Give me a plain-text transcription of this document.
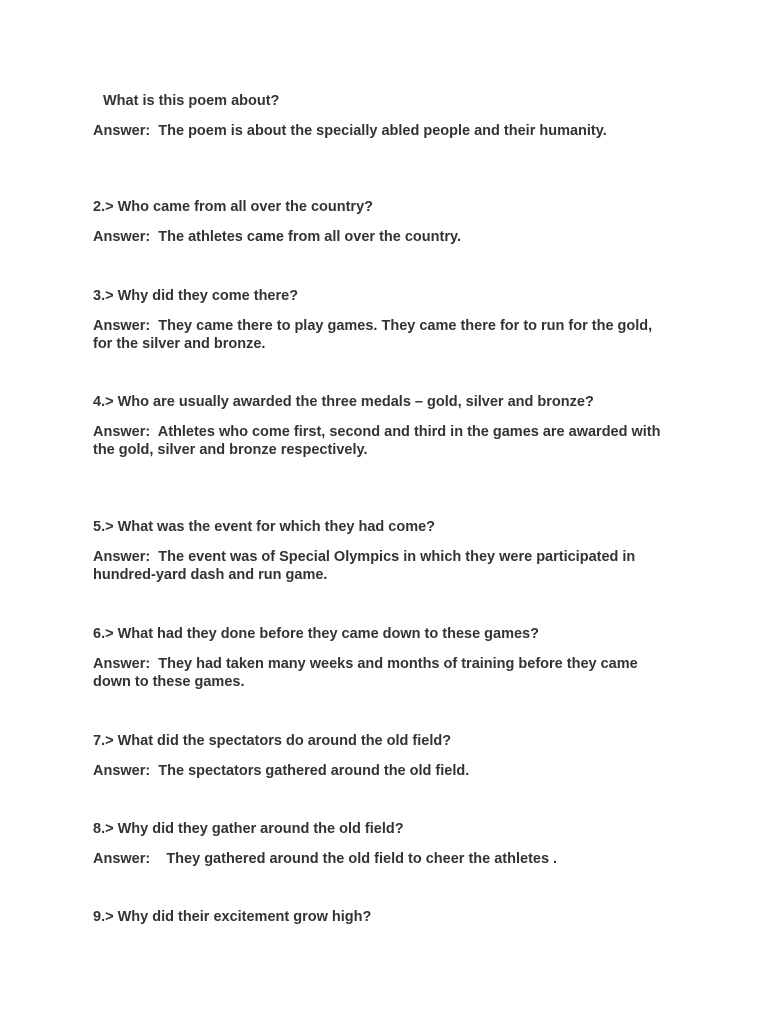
What is this poem about?

Answer:  The poem is about the specially abled people and their humanity.

2.> Who came from all over the country?

Answer:  The athletes came from all over the country.

3.> Why did they come there?

Answer:  They came there to play games. They came there for to run for the gold, for the silver and bronze.

4.> Who are usually awarded the three medals – gold, silver and bronze?

Answer:  Athletes who come first, second and third in the games are awarded with the gold, silver and bronze respectively.

5.> What was the event for which they had come?

Answer:  The event was of Special Olympics in which they were participated in hundred-yard dash and run game.

6.> What had they done before they came down to these games?

Answer:  They had taken many weeks and months of training before they came down to these games.

7.> What did the spectators do around the old field?

Answer:  The spectators gathered around the old field.

8.> Why did they gather around the old field?

Answer:    They gathered around the old field to cheer the athletes .

9.> Why did their excitement grow high?
